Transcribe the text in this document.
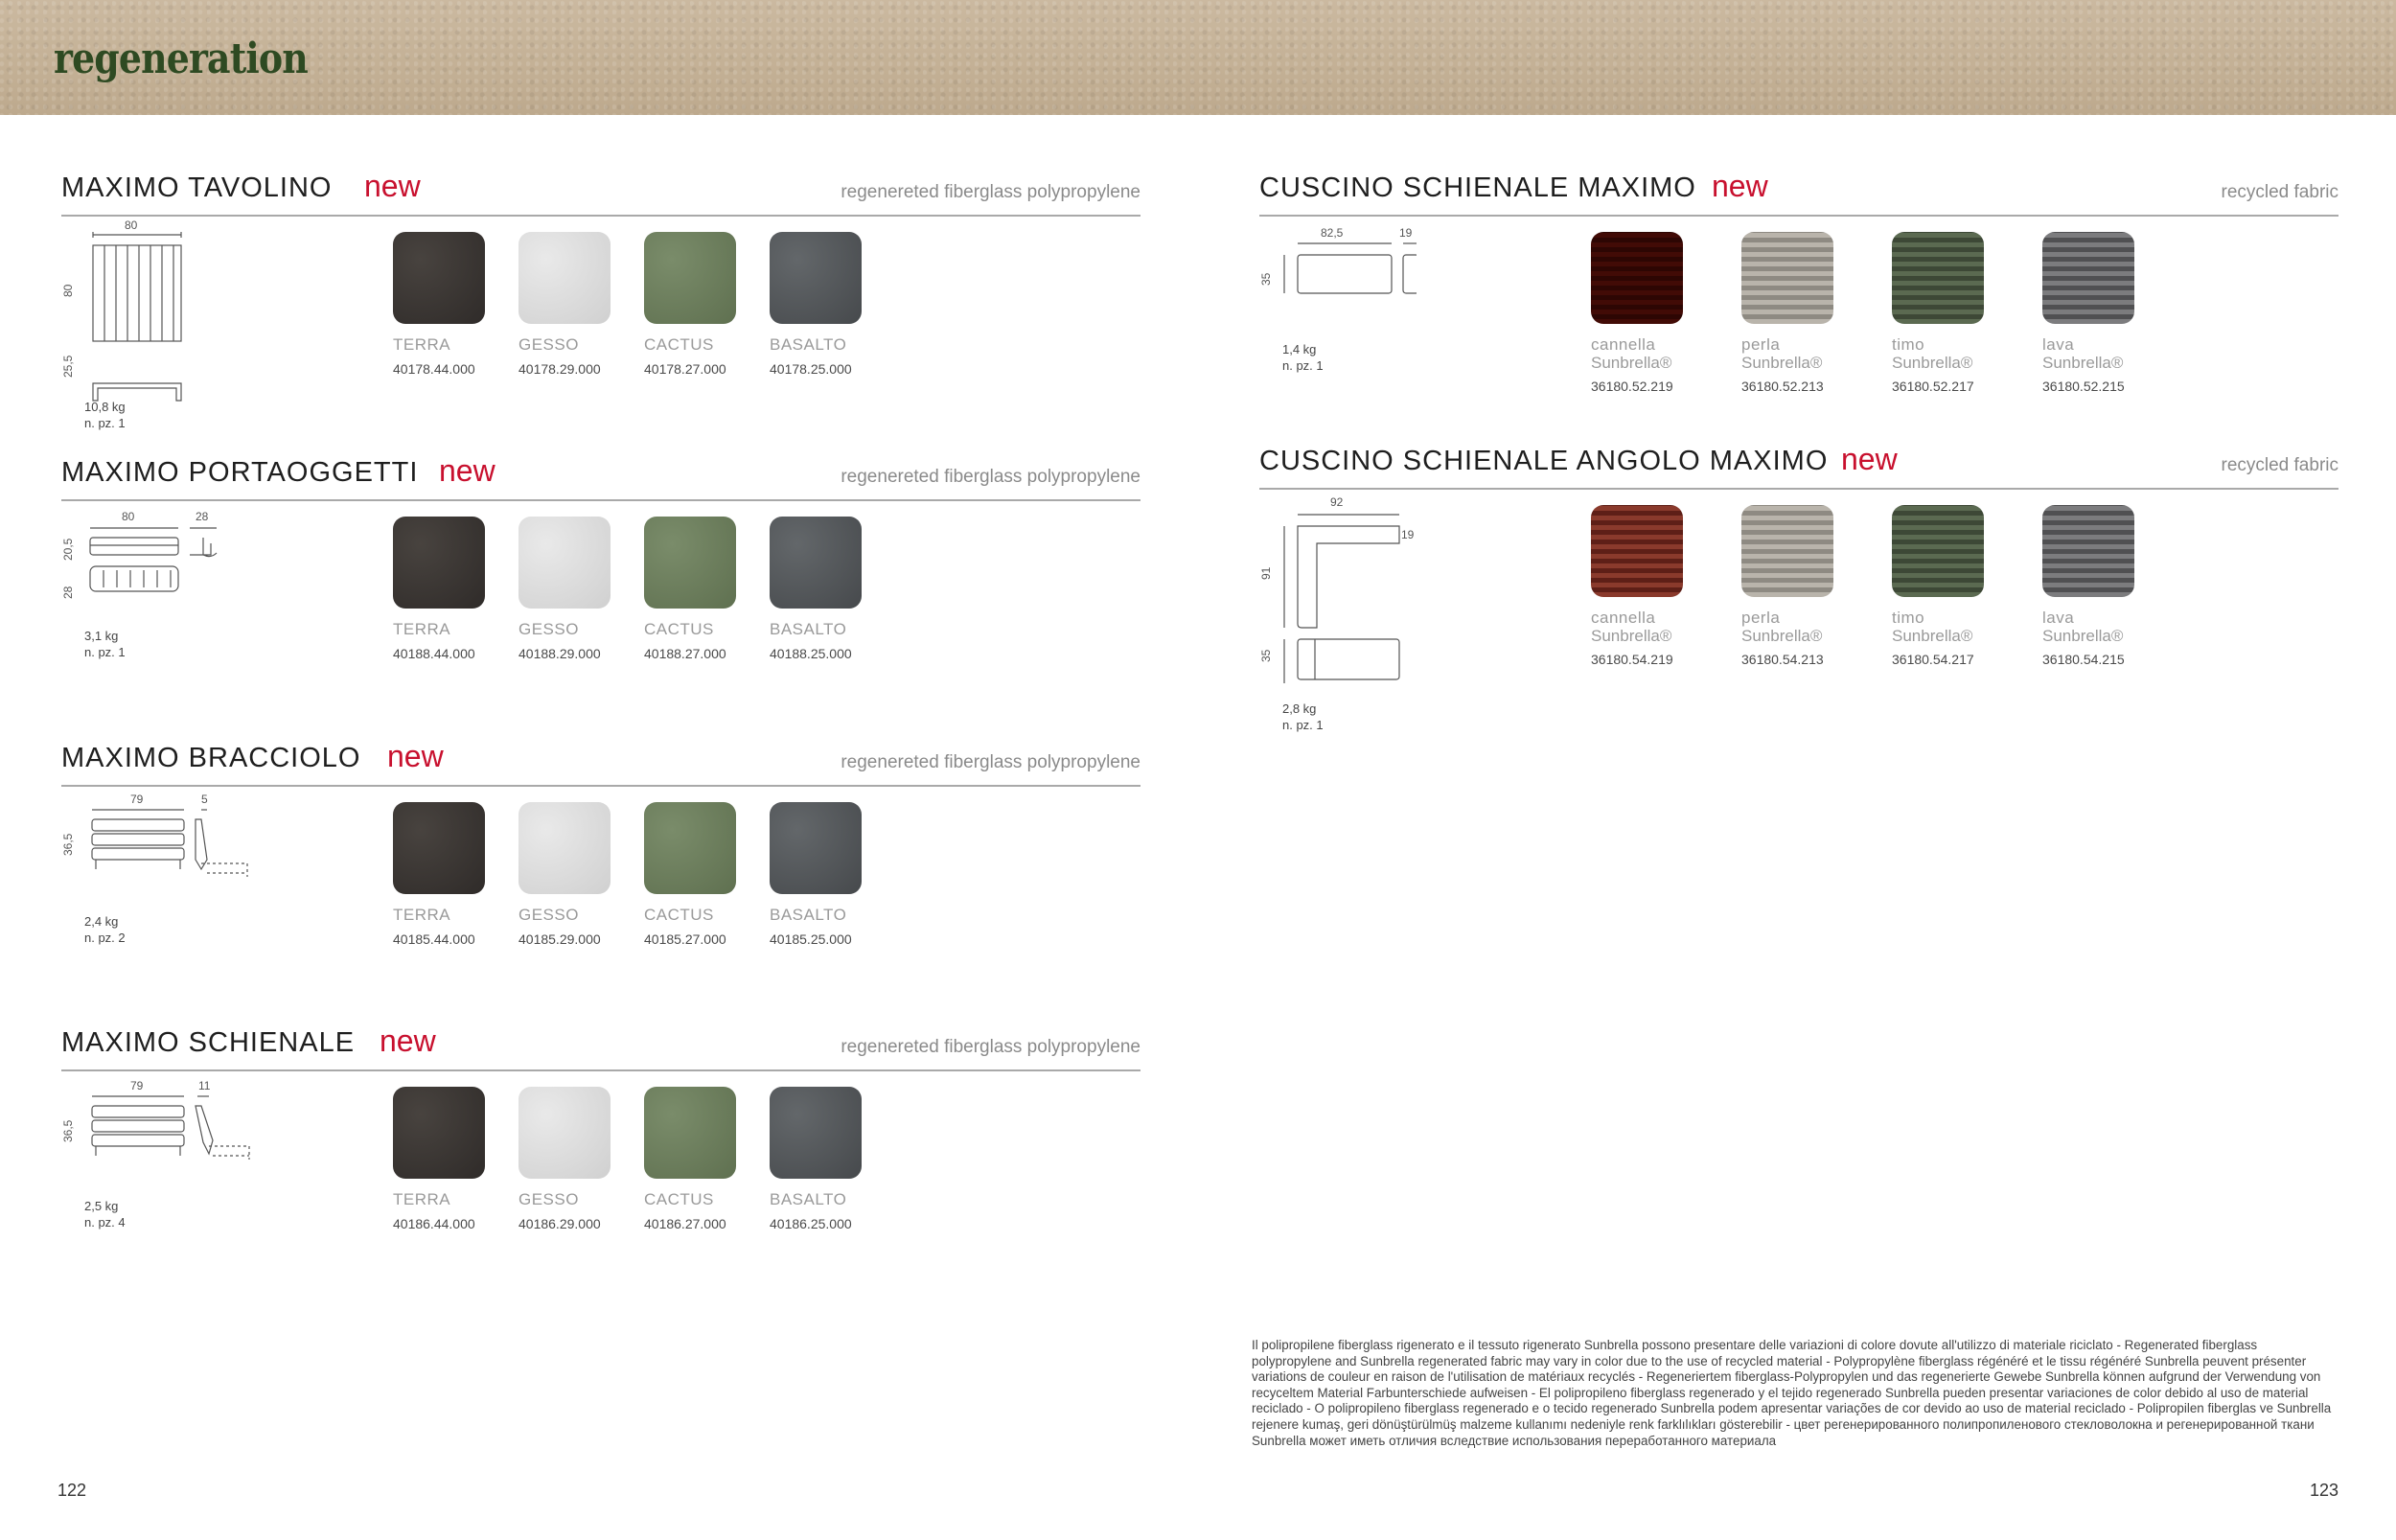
regeneration
MAXIMO TAVOLINO new	regenereted fiberglass polypropylene
80
80
25,5
10,8 kg
n. pz. 1
TERRA	GESSO	CACTUS	BASALTO
40178.44.000	40178.29.000	40178.27.000	40178.25.000
MAXIMO PORTAOGGETTI new	regenereted fiberglass polypropylene
80	28
20,5
28
3,1 kg
n. pz. 1
TERRA	GESSO	CACTUS	BASALTO
40188.44.000	40188.29.000	40188.27.000	40188.25.000
MAXIMO BRACCIOLO new	regenereted fiberglass polypropylene
79	5
36,5
2,4 kg
n. pz. 2
TERRA	GESSO	CACTUS	BASALTO
40185.44.000	40185.29.000	40185.27.000	40185.25.000
MAXIMO SCHIENALE new	regenereted fiberglass polypropylene
79	11
36,5
2,5 kg
n. pz. 4
TERRA	GESSO	CACTUS	BASALTO
40186.44.000	40186.29.000	40186.27.000	40186.25.000
CUSCINO SCHIENALE MAXIMO new	recycled fabric
82,5	19
35
1,4 kg
n. pz. 1
cannella	perla	timo	lava
Sunbrella®	Sunbrella®	Sunbrella®	Sunbrella®
36180.52.219	36180.52.213	36180.52.217	36180.52.215
CUSCINO SCHIENALE ANGOLO MAXIMO new	recycled fabric
92
19
91
35
2,8 kg
n. pz. 1
cannella	perla	timo	lava
Sunbrella®	Sunbrella®	Sunbrella®	Sunbrella®
36180.54.219	36180.54.213	36180.54.217	36180.54.215
Il polipropilene fiberglass rigenerato e il tessuto rigenerato Sunbrella possono presentare delle variazioni di colore dovute all'utilizzo di materiale riciclato - Regenerated fiberglass polypropylene and Sunbrella regenerated fabric may vary in color due to the use of recycled material - Polypropylène fiberglass régénéré et le tissu régénéré Sunbrella peuvent présenter variations de couleur en raison de l'utilisation de matériaux recyclés - Regeneriertem fiberglass-Polypropylen und das regenerierte Gewebe Sunbrella können aufgrund der Verwendung von recyceltem Material Farbunterschiede aufweisen - El polipropileno fiberglass regenerado y el tejido regenerado Sunbrella pueden presentar variaciones de color debido al uso de material reciclado - O polipropileno fiberglass regenerado e o tecido regenerado Sunbrella podem apresentar variações de cor devido ao uso de material reciclado - Polipropilen fiberglas ve Sunbrella rejenere kumaş, geri dönüştürülmüş malzeme kullanımı nedeniyle renk farklılıkları gösterebilir - цвет регенерированного полипропиленового стекловолокна и регенерированной ткани Sunbrella может иметь отличия вследствие использования переработанного материала
122	123
